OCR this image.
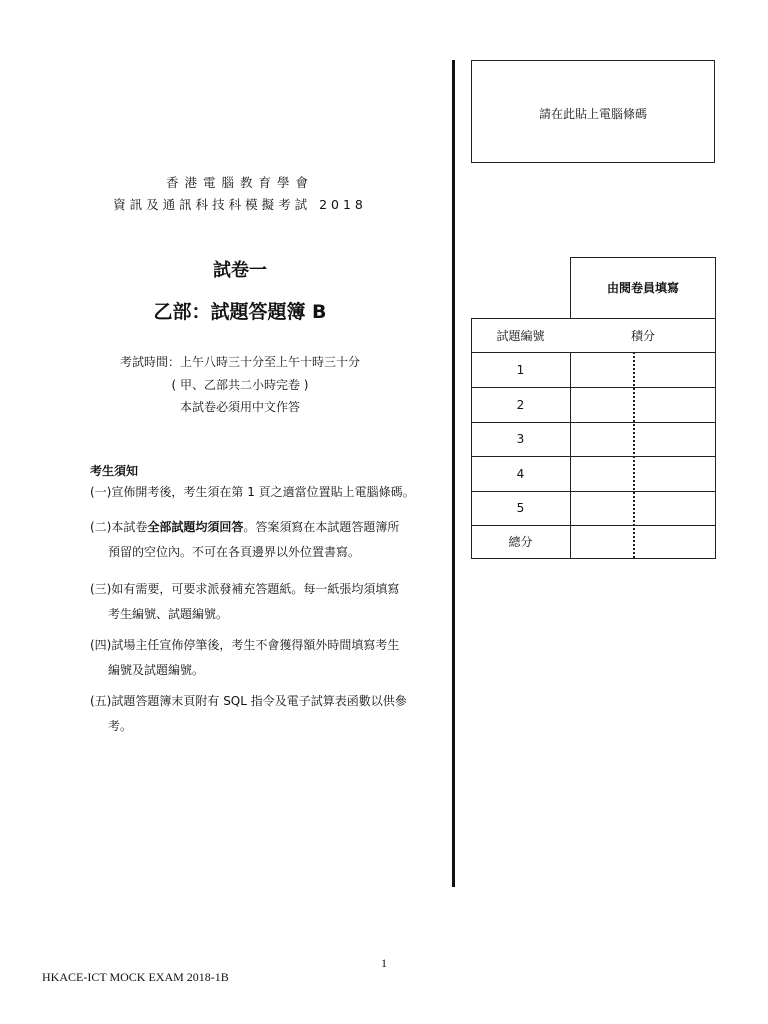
香港電腦教育學會
資訊及通訊科技科模擬考試 2018
試卷一
乙部：試題答題簿 B
考試時間：上午八時三十分至上午十時三十分
( 甲、乙部共二小時完卷 )
本試卷必須用中文作答
考生須知
(一)宣佈開考後，考生須在第 1 頁之適當位置貼上電腦條碼。
(二)本試卷全部試題均須回答。答案須寫在本試題答題簿所
預留的空位內。不可在各頁邊界以外位置書寫。
(三)如有需要，可要求派發補充答題紙。每一紙張均須填寫
考生編號、試題編號。
(四)試場主任宣佈停筆後，考生不會獲得額外時間填寫考生
編號及試題編號。
(五)試題答題簿末頁附有 SQL 指令及電子試算表函數以供參
考。
請在此貼上電腦條碼
由閱卷員填寫
試題編號	積分
1
2
3
4
5
總分
1
HKACE-ICT MOCK EXAM 2018-1B
